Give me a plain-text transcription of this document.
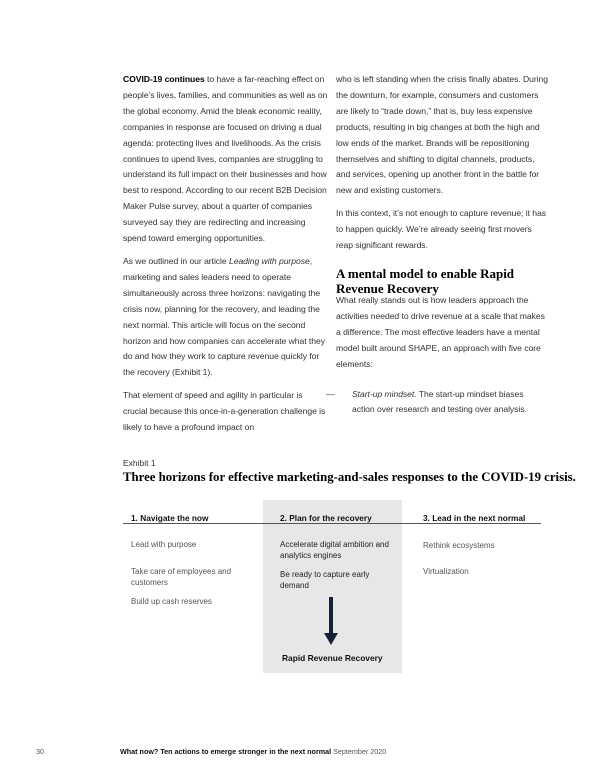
COVID-19 continues to have a far-reaching effect on people’s lives, families, and communities as well as on the global economy. Amid the bleak economic reality, companies in response are focused on driving a dual agenda: protecting lives and livelihoods. As the crisis continues to upend lives, companies are struggling to understand its full impact on their businesses and how best to respond. According to our recent B2B Decision Maker Pulse survey, about a quarter of companies surveyed say they are redirecting and increasing spend toward emerging opportunities.

As we outlined in our article Leading with purpose, marketing and sales leaders need to operate simultaneously across three horizons: navigating the crisis now, planning for the recovery, and leading the next normal. This article will focus on the second horizon and how companies can accelerate what they do and how they work to capture revenue quickly for the recovery (Exhibit 1).

That element of speed and agility in particular is crucial because this once-in-a-generation challenge is likely to have a profound impact on

who is left standing when the crisis finally abates. During the downturn, for example, consumers and customers are likely to “trade down,” that is, buy less expensive products, resulting in big changes at both the high and low ends of the market. Brands will be repositioning themselves and shifting to digital channels, products, and services, opening up another front in the battle for new and existing customers.

In this context, it’s not enough to capture revenue; it has to happen quickly. We’re already seeing first movers reap significant rewards.

A mental model to enable Rapid Revenue Recovery

What really stands out is how leaders approach the activities needed to drive revenue at a scale that makes a difference. The most effective leaders have a mental model built around SHAPE, an approach with five core elements:

—	Start-up mindset. The start-up mindset biases action over research and testing over analysis.

Exhibit 1
Three horizons for effective marketing-and-sales responses to the COVID-19 crisis.
1. Navigate the now	2. Plan for the recovery	3. Lead in the next normal
Lead with purpose
Take care of employees and customers
Build up cash reserves
Accelerate digital ambition and analytics engines
Be ready to capture early demand
Rapid Revenue Recovery
Rethink ecosystems
Virtualization
30	What now? Ten actions to emerge stronger in the next normal September 2020
